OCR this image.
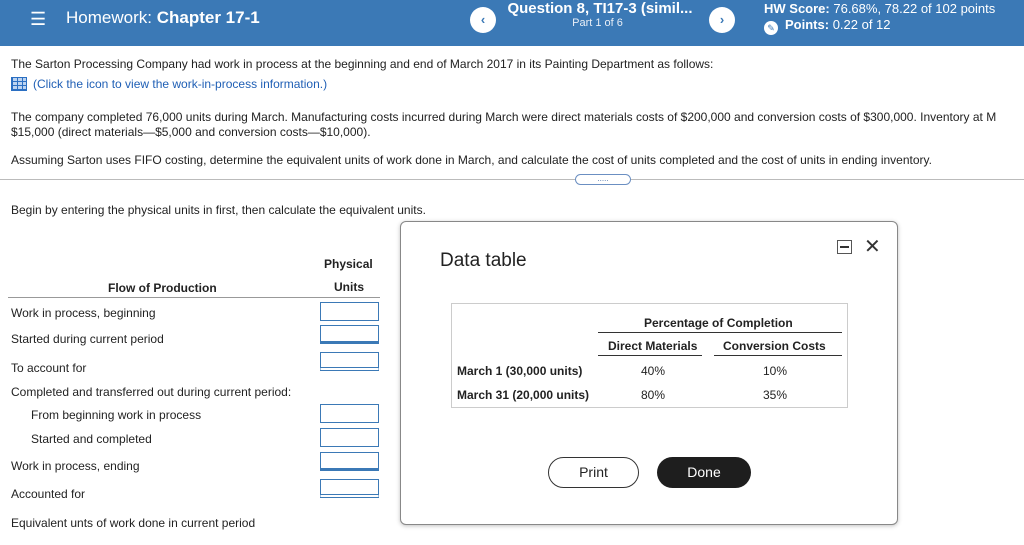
☰ Homework: Chapter 17-1	‹
Question 8, TI17-3 (simil...
Part 1 of 6	›
HW Score: 76.68%, 78.22 of 102 points
✎ Points: 0.22 of 12
The Sarton Processing Company had work in process at the beginning and end of March 2017 in its Painting Department as follows:
(Click the icon to view the work-in-process information.)
The company completed 76,000 units during March. Manufacturing costs incurred during March were direct materials costs of $200,000 and conversion costs of $300,000. Inventory at M
$15,000 (direct materials—$5,000 and conversion costs—$10,000).
Assuming Sarton uses FIFO costing, determine the equivalent units of work done in March, and calculate the cost of units completed and the cost of units in ending inventory.
.....
Begin by entering the physical units in first, then calculate the equivalent units.
Physical
Units
Flow of Production
Work in process, beginning
Started during current period
To account for
Completed and transferred out during current period:
From beginning work in process
Started and completed
Work in process, ending
Accounted for
Equivalent unts of work done in current period
Data table
✕
Percentage of Completion
Direct Materials Conversion Costs
March 1 (30,000 units)	40%	10%
March 31 (20,000 units)	80%	35%
Print	Done
